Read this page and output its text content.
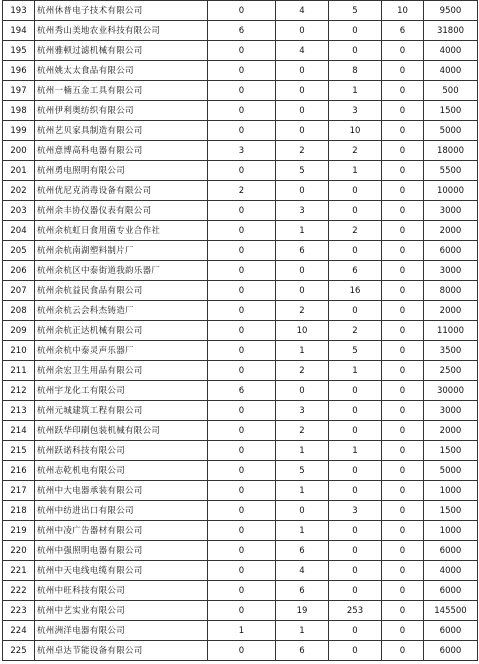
193	杭州休普电子技术有限公司	0	4	5	10	9500
194	杭州秀山美地农业科技有限公司	6	0	0	6	31800
195	杭州雅顿过滤机械有限公司	0	4	0	0	4000
196	杭州姚太太食品有限公司	0	0	8	0	4000
197	杭州一楠五金工具有限公司	0	0	1	0	500
198	杭州伊利奥纺织有限公司	0	0	3	0	1500
199	杭州艺贝家具制造有限公司	0	0	10	0	5000
200	杭州意博高科电器有限公司	3	2	2	0	18000
201	杭州勇电照明有限公司	0	5	1	0	5500
202	杭州优尼克消毒设备有限公司	2	0	0	0	10000
203	杭州余丰协仪器仪表有限公司	0	3	0	0	3000
204	杭州余杭虹日食用菌专业合作社	0	1	2	0	2000
205	杭州余杭南湖塑料制片厂	0	6	0	0	6000
206	杭州余杭区中泰街道我韵乐器厂	0	0	6	0	3000
207	杭州余杭益民食品有限公司	0	0	16	0	8000
208	杭州余杭云会科杰铸造厂	0	2	0	0	2000
209	杭州余杭正达机械有限公司	0	10	2	0	11000
210	杭州余杭中泰灵声乐器厂	0	1	5	0	3500
211	杭州余宏卫生用品有限公司	0	2	1	0	2500
212	杭州宇龙化工有限公司	6	0	0	0	30000
213	杭州元城建筑工程有限公司	0	3	0	0	3000
214	杭州跃华印刷包装机械有限公司	0	2	0	0	2000
215	杭州跃诺科技有限公司	0	1	1	0	1500
216	杭州志乾机电有限公司	0	5	0	0	5000
217	杭州中大电器承装有限公司	0	1	0	0	1000
218	杭州中纺进出口有限公司	0	0	3	0	1500
219	杭州中凌广告器材有限公司	0	1	0	0	1000
220	杭州中强照明电器有限公司	0	6	0	0	6000
221	杭州中天电线电缆有限公司	0	4	0	0	4000
222	杭州中旺科技有限公司	0	6	0	0	6000
223	杭州中艺实业有限公司	0	19	253	0	145500
224	杭州洲洋电器有限公司	1	1	0	0	6000
225	杭州卓达节能设备有限公司	0	6	0	0	6000
